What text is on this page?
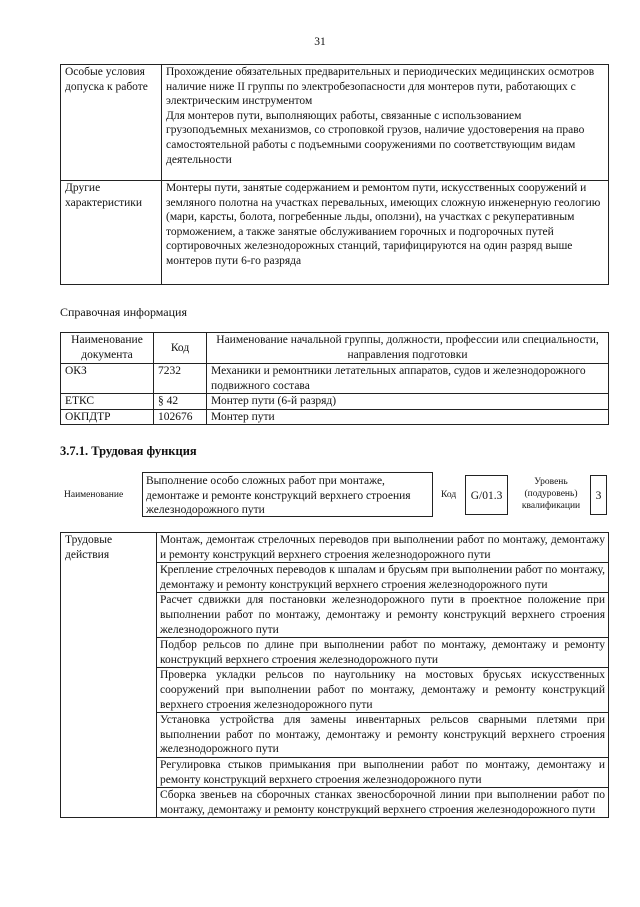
31
Особые условия допуска к работе	Прохождение обязательных предварительных и периодических медицинских осмотров
наличие ниже II группы по электробезопасности для монтеров пути, работающих с электрическим инструментом
Для монтеров пути, выполняющих работы, связанные с использованием грузоподъемных механизмов, со строповкой грузов, наличие удостоверения на право самостоятельной работы с подъемными сооружениями по соответствующим видам деятельности

Другие характеристики	Монтеры пути, занятые содержанием и ремонтом пути, искусственных сооружений и земляного полотна на участках перевальных, имеющих сложную инженерную геологию (мари, карсты, болота, погребенные льды, оползни), на участках с рекуперативным торможением, а также занятые обслуживанием горочных и подгорочных путей сортировочных железнодорожных станций, тарифицируются на один разряд выше монтеров пути 6-го разряда
Справочная информация
Наименование документа	Код	Наименование начальной группы, должности, профессии или специальности, направления подготовки
ОКЗ	7232	Механики и ремонтники летательных аппаратов, судов и железнодорожного подвижного состава
ЕТКС	§ 42	Монтер пути (6-й разряд)
ОКПДТР	102676	Монтер пути
3.7.1. Трудовая функция
Наименование
Выполнение особо сложных работ при монтаже, демонтаже и ремонте конструкций верхнего строения железнодорожного пути
Код	G/01.3
Уровень (подуровень) квалификации
3
Трудовые действия	Монтаж, демонтаж стрелочных переводов при выполнении работ по монтажу, демонтажу и ремонту конструкций верхнего строения железнодорожного пути
Крепление стрелочных переводов к шпалам и брусьям при выполнении работ по монтажу, демонтажу и ремонту конструкций верхнего строения железнодорожного пути
Расчет сдвижки для постановки железнодорожного пути в проектное положение при выполнении работ по монтажу, демонтажу и ремонту конструкций верхнего строения железнодорожного пути
Подбор рельсов по длине при выполнении работ по монтажу, демонтажу и ремонту конструкций верхнего строения железнодорожного пути
Проверка укладки рельсов по наугольнику на мостовых брусьях искусственных сооружений при выполнении работ по монтажу, демонтажу и ремонту конструкций верхнего строения железнодорожного пути
Установка устройства для замены инвентарных рельсов сварными плетями при выполнении работ по монтажу, демонтажу и ремонту конструкций верхнего строения железнодорожного пути
Регулировка стыков примыкания при выполнении работ по монтажу, демонтажу и ремонту конструкций верхнего строения железнодорожного пути
Сборка звеньев на сборочных станках звеносборочной линии при выполнении работ по монтажу, демонтажу и ремонту конструкций верхнего строения железнодорожного пути
